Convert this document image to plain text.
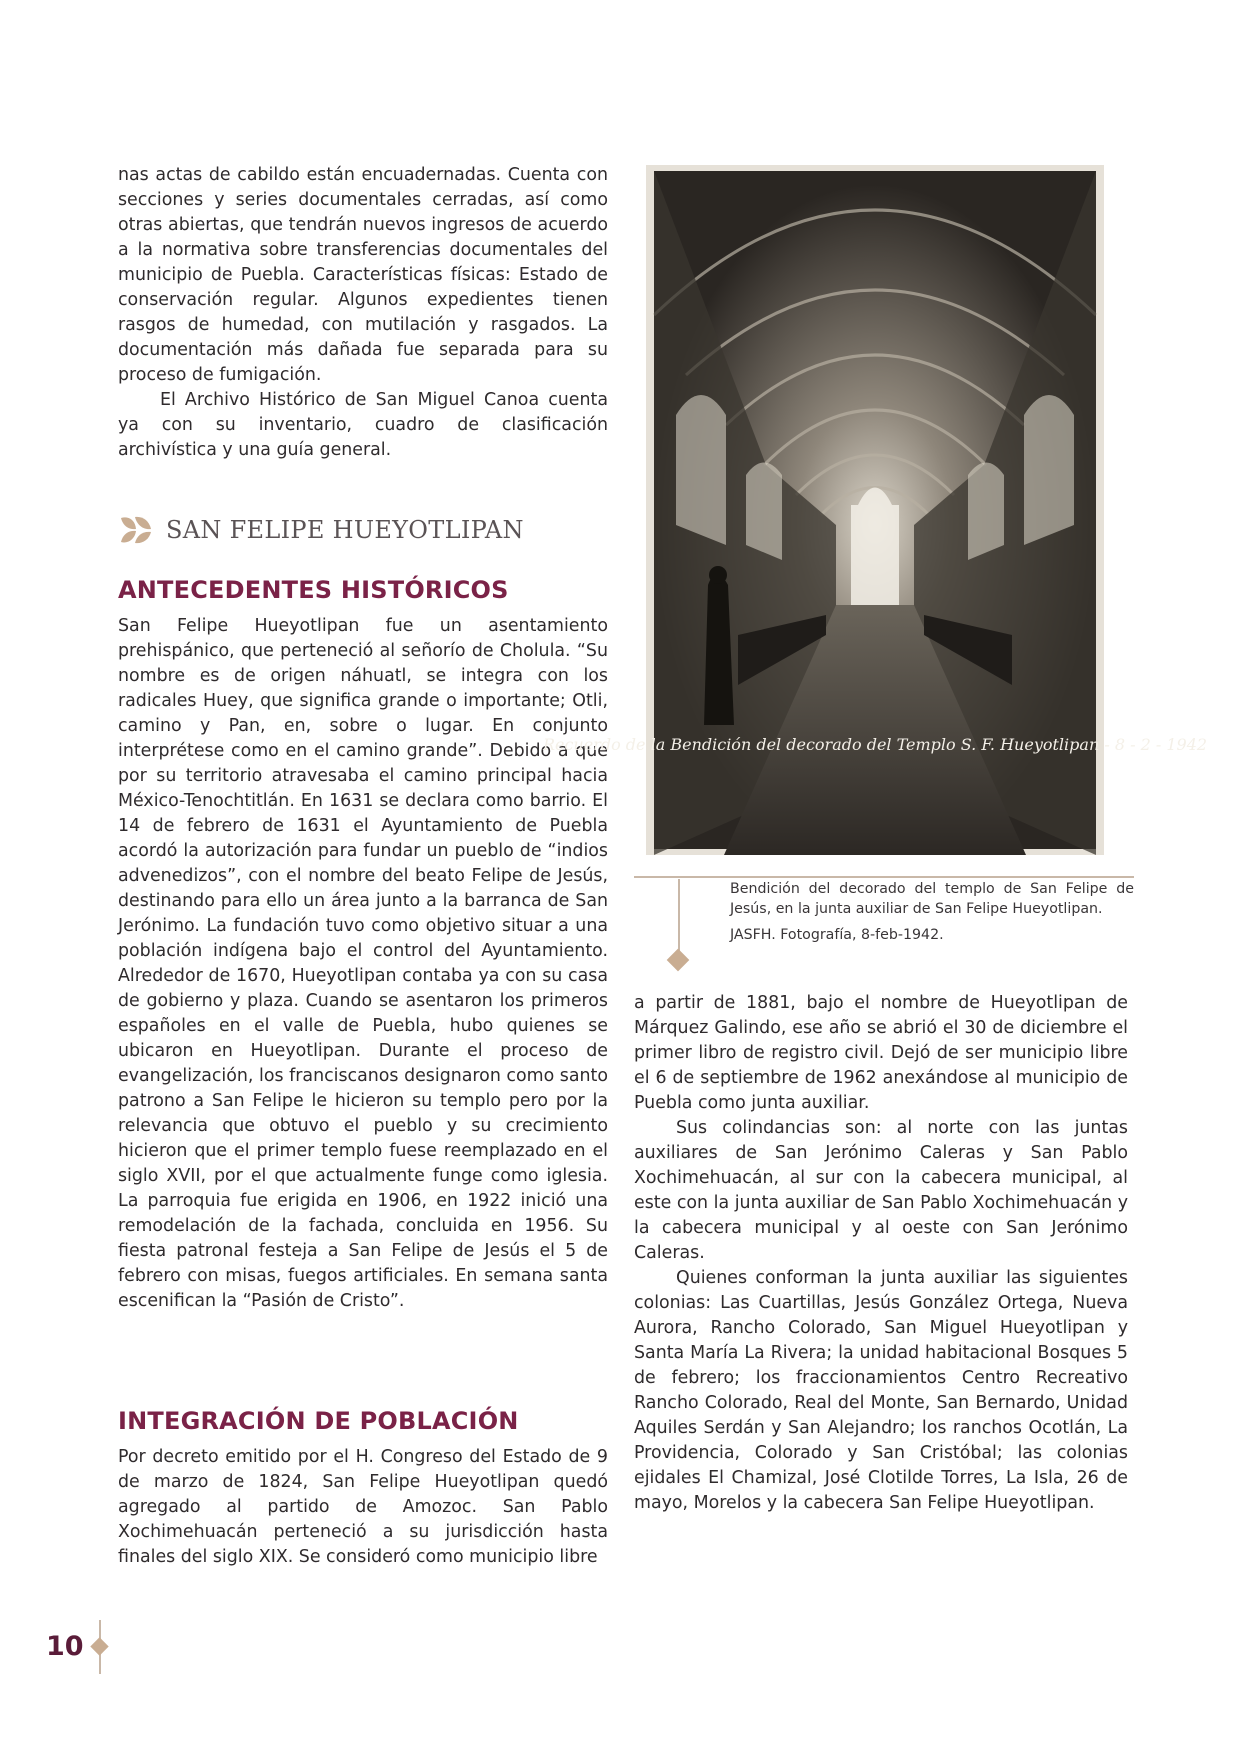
nas actas de cabildo están encuadernadas. Cuenta con secciones y series documentales cerradas, así como otras abiertas, que tendrán nuevos ingresos de acuerdo a la normativa sobre transferencias documentales del municipio de Puebla. Características físicas: Estado de conservación regular. Algunos expedientes tienen rasgos de humedad, con mutilación y rasgados. La documentación más dañada fue separada para su proceso de fumigación.

El Archivo Histórico de San Miguel Canoa cuenta ya con su inventario, cuadro de clasificación archivística y una guía general.

SAN FELIPE HUEYOTLIPAN
ANTECEDENTES HISTÓRICOS

San Felipe Hueyotlipan fue un asentamiento prehispánico, que perteneció al señorío de Cholula. “Su nombre es de origen náhuatl, se integra con los radicales Huey, que significa grande o importante; Otli, camino y Pan, en, sobre o lugar. En conjunto interprétese como en el camino grande”. Debido a que por su territorio atravesaba el camino principal hacia México-Tenochtitlán. En 1631 se declara como barrio. El 14 de febrero de 1631 el Ayuntamiento de Puebla acordó la autorización para fundar un pueblo de “indios advenedizos”, con el nombre del beato Felipe de Jesús, destinando para ello un área junto a la barranca de San Jerónimo. La fundación tuvo como objetivo situar a una población indígena bajo el control del Ayuntamiento. Alrededor de 1670, Hueyotlipan contaba ya con su casa de gobierno y plaza. Cuando se asentaron los primeros españoles en el valle de Puebla, hubo quienes se ubicaron en Hueyotlipan. Durante el proceso de evangelización, los franciscanos designaron como santo patrono a San Felipe le hicieron su templo pero por la relevancia que obtuvo el pueblo y su crecimiento hicieron que el primer templo fuese reemplazado en el siglo XVII, por el que actualmente funge como iglesia. La parroquia fue erigida en 1906, en 1922 inició una remodelación de la fachada, concluida en 1956. Su fiesta patronal festeja a San Felipe de Jesús el 5 de febrero con misas, fuegos artificiales. En semana santa escenifican la “Pasión de Cristo”.

INTEGRACIÓN DE POBLACIÓN

Por decreto emitido por el H. Congreso del Estado de 9 de marzo de 1824, San Felipe Hueyotlipan quedó agregado al partido de Amozoc. San Pablo Xochimehuacán perteneció a su jurisdicción hasta finales del siglo XIX. Se consideró como municipio libre

Recuerdo de la Bendición del decorado del Templo S. F. Hueyotlipan - 8 - 2 - 1942

Bendición del decorado del templo de San Felipe de Jesús, en la junta auxiliar de San Felipe Hueyotlipan.

JASFH. Fotografía, 8-feb-1942.

a partir de 1881, bajo el nombre de Hueyotlipan de Márquez Galindo, ese año se abrió el 30 de diciembre el primer libro de registro civil. Dejó de ser municipio libre el 6 de septiembre de 1962 anexándose al municipio de Puebla como junta auxiliar.

Sus colindancias son: al norte con las juntas auxiliares de San Jerónimo Caleras y San Pablo Xochimehuacán, al sur con la cabecera municipal, al este con la junta auxiliar de San Pablo Xochimehuacán y la cabecera municipal y al oeste con San Jerónimo Caleras.

Quienes conforman la junta auxiliar las siguientes colonias: Las Cuartillas, Jesús González Ortega, Nueva Aurora, Rancho Colorado, San Miguel Hueyotlipan y Santa María La Rivera; la unidad habitacional Bosques 5 de febrero; los fraccionamientos Centro Recreativo Rancho Colorado, Real del Monte, San Bernardo, Unidad Aquiles Serdán y San Alejandro; los ranchos Ocotlán, La Providencia, Colorado y San Cristóbal; las colonias ejidales El Chamizal, José Clotilde Torres, La Isla, 26 de mayo, Morelos y la cabecera San Felipe Hueyotlipan.

10
